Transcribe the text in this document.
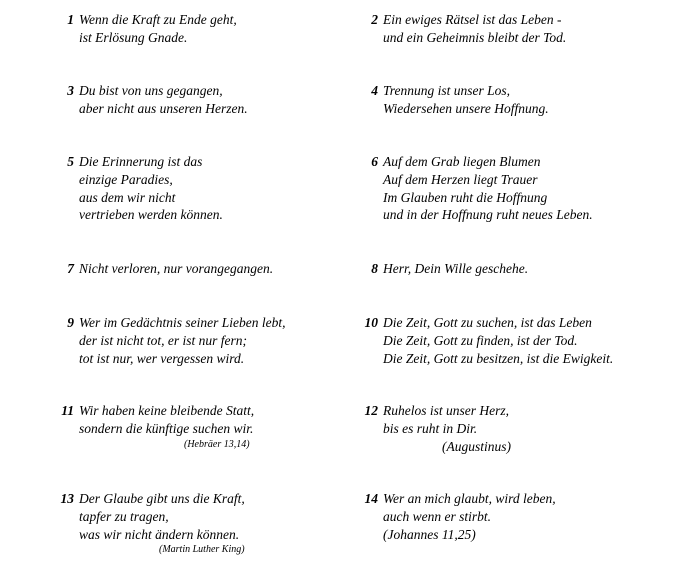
1 Wenn die Kraft zu Ende geht,
ist Erlösung Gnade.
2 Ein ewiges Rätsel ist das Leben -
und ein Geheimnis bleibt der Tod.
3 Du bist von uns gegangen,
aber nicht aus unseren Herzen.
4 Trennung ist unser Los,
Wiedersehen unsere Hoffnung.
5 Die Erinnerung ist das
einzige Paradies,
aus dem wir nicht
vertrieben werden können.
6 Auf dem Grab liegen Blumen
Auf dem Herzen liegt Trauer
Im Glauben ruht die Hoffnung
und in der Hoffnung ruht neues Leben.
7 Nicht verloren, nur vorangegangen.	8 Herr, Dein Wille geschehe.
9 Wer im Gedächtnis seiner Lieben lebt,
der ist nicht tot, er ist nur fern;
tot ist nur, wer vergessen wird.
10 Die Zeit, Gott zu suchen, ist das Leben
Die Zeit, Gott zu finden, ist der Tod.
Die Zeit, Gott zu besitzen, ist die Ewigkeit.
11 Wir haben keine bleibende Statt,
sondern die künftige suchen wir.
(Hebräer 13,14)
12 Ruhelos ist unser Herz,
bis es ruht in Dir.
(Augustinus)
13 Der Glaube gibt uns die Kraft,
tapfer zu tragen,
was wir nicht ändern können.
(Martin Luther King)
14 Wer an mich glaubt, wird leben,
auch wenn er stirbt.
(Johannes 11,25)
